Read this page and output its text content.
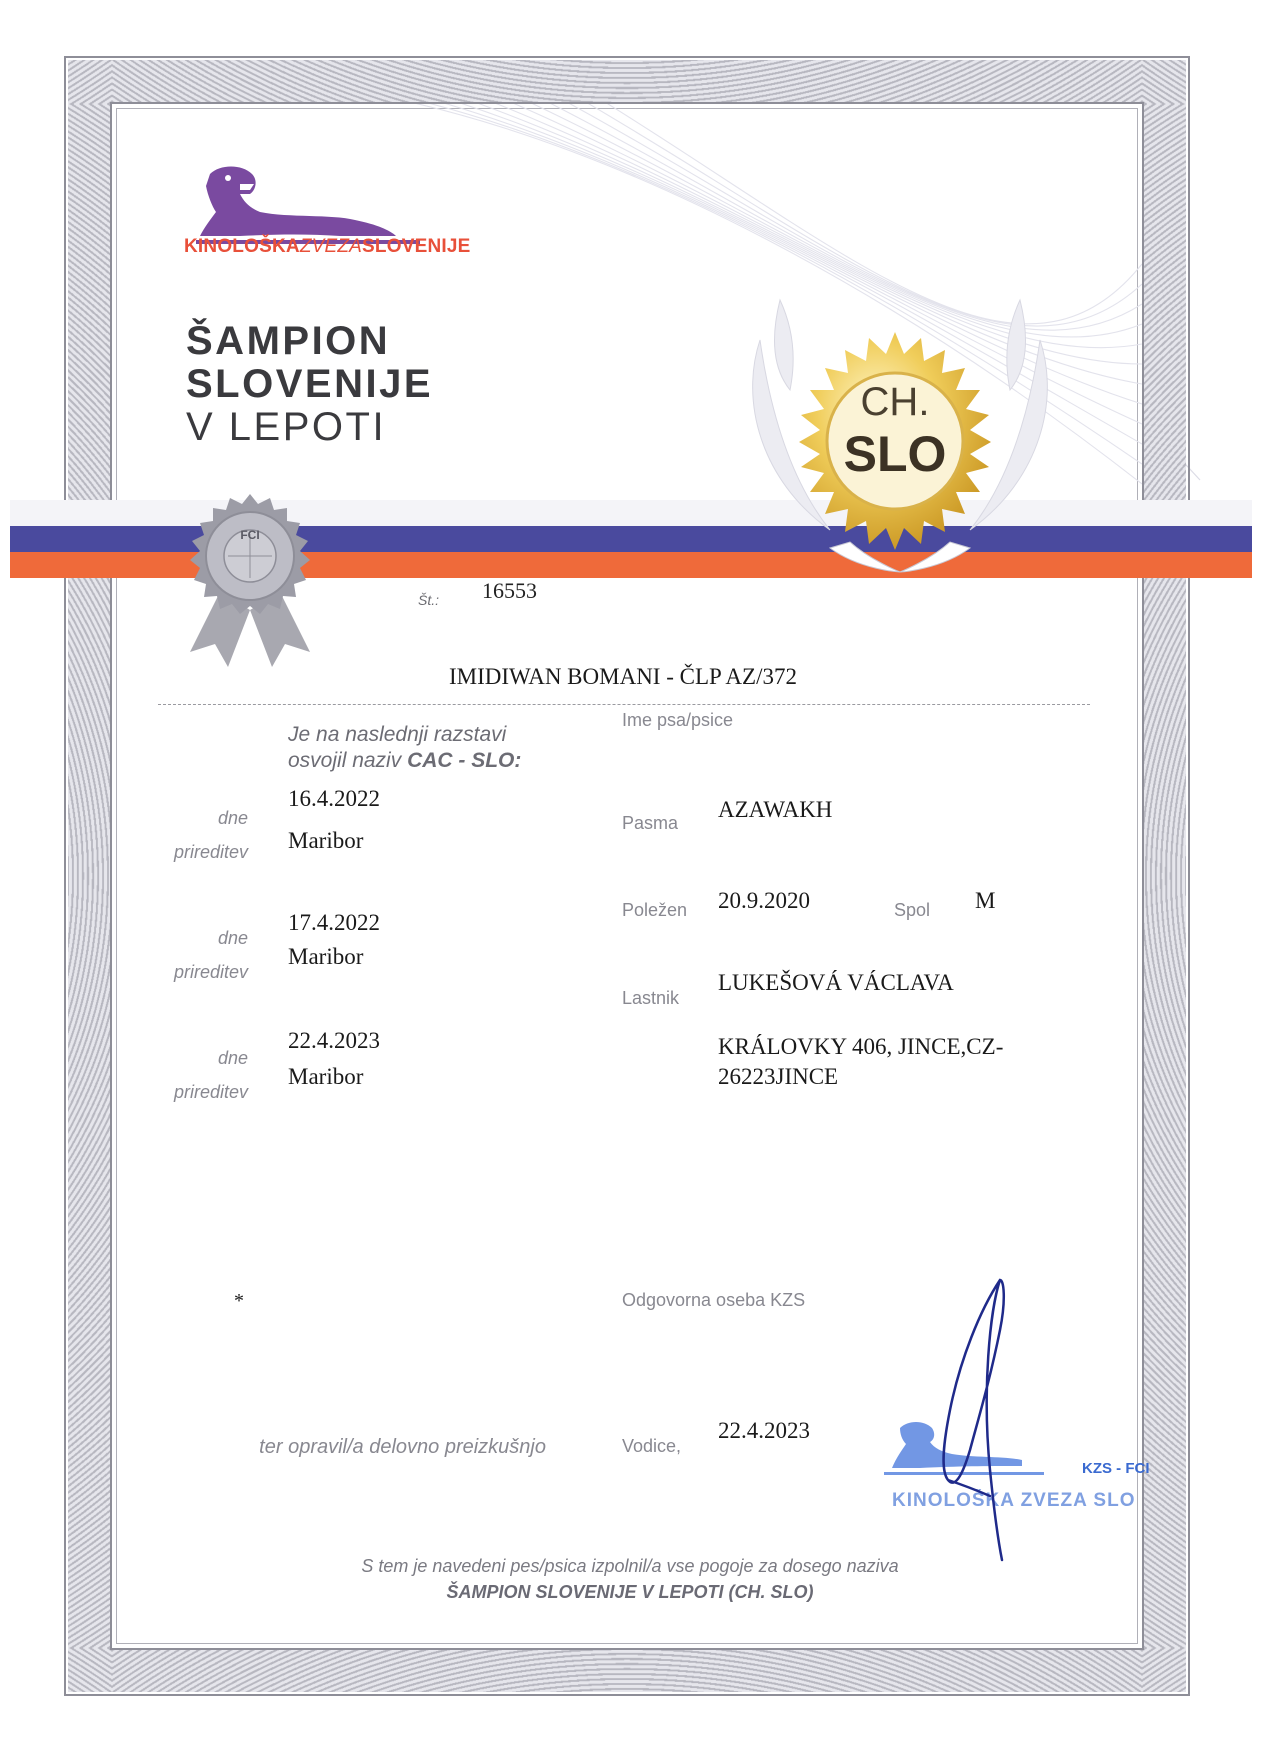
KINOLOŠKAZVEZASLOVENIJE
ŠAMPION
SLOVENIJE
V LEPOTI
CH.
SLO
FCI
Št.: 16553
IMIDIWAN BOMANI - ČLP AZ/372
Je na naslednji razstavi
osvojil naziv CAC - SLO:
dne
16.4.2022
prireditev Maribor
dne
17.4.2022
prireditev
Maribor
dne
22.4.2023
prireditev
Maribor
*
ter opravil/a delovno preizkušnjo
Ime psa/psice
Pasma
AZAWAKH
Poležen 20.9.2020	Spol M
Lastnik
LUKEŠOVÁ VÁCLAVA
KRÁLOVKY 406, JINCE,CZ-
26223JINCE
Odgovorna oseba KZS
Vodice,
22.4.2023
KZS - FCI
KINOLOŠKA ZVEZA SLO
S tem je navedeni pes/psica izpolnil/a vse pogoje za dosego naziva
ŠAMPION SLOVENIJE V LEPOTI (CH. SLO)
